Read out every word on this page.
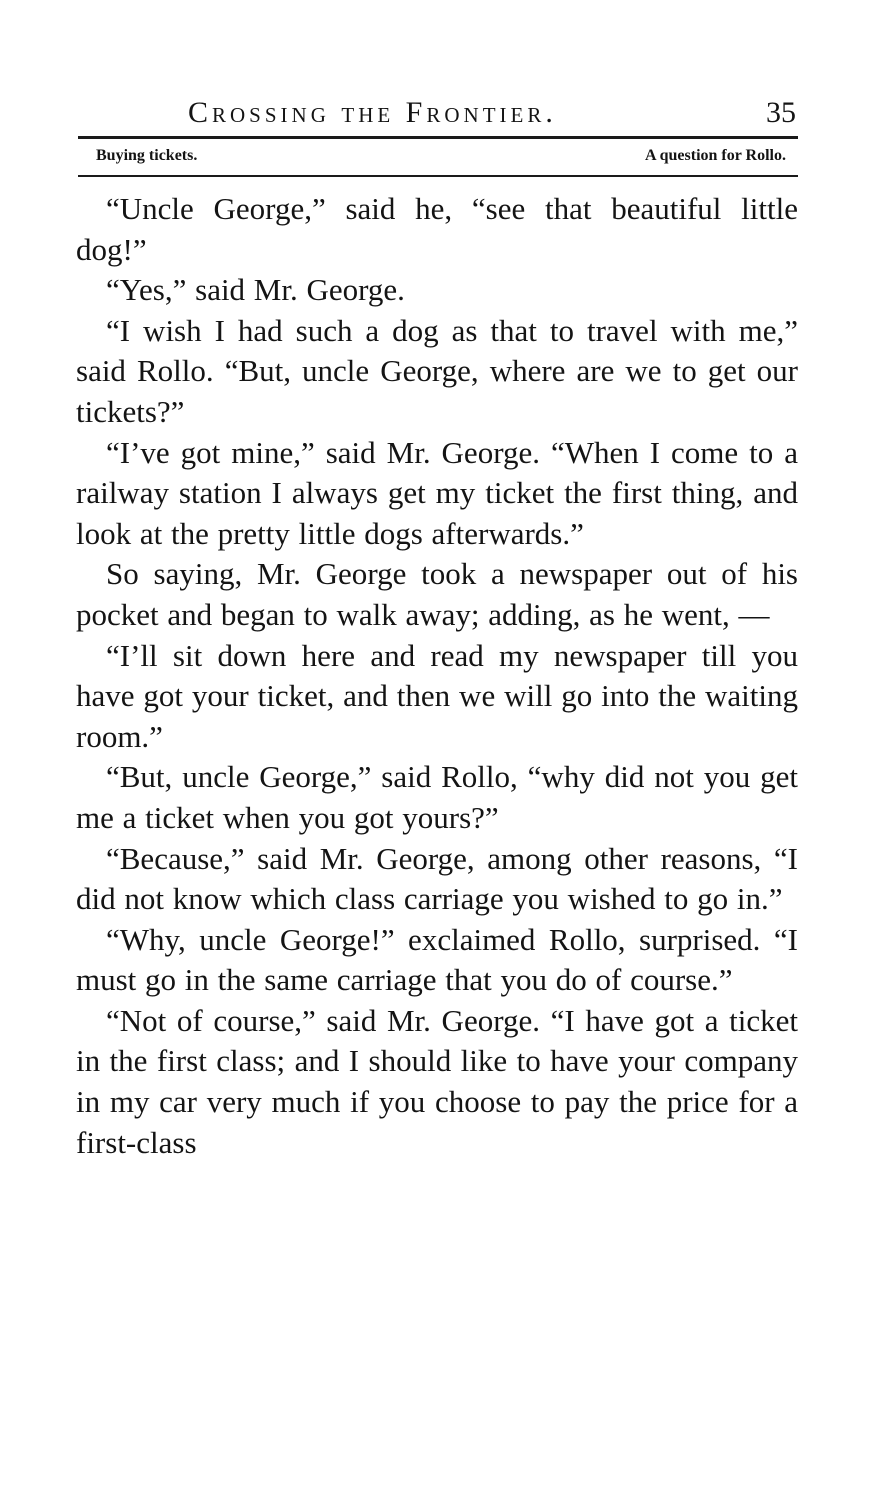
Crossing the Frontier.	35
Buying tickets.	A question for Rollo.

“Uncle George,” said he, “see that beautiful little dog!”

“Yes,” said Mr. George.

“I wish I had such a dog as that to travel with me,” said Rollo. “But, uncle George, where are we to get our tickets?”

“I’ve got mine,” said Mr. George. “When I come to a railway station I always get my ticket the first thing, and look at the pretty little dogs afterwards.”

So saying, Mr. George took a newspaper out of his pocket and began to walk away; adding, as he went, —

“I’ll sit down here and read my newspaper till you have got your ticket, and then we will go into the waiting room.”

“But, uncle George,” said Rollo, “why did not you get me a ticket when you got yours?”

“Because,” said Mr. George, among other reasons, “I did not know which class carriage you wished to go in.”

“Why, uncle George!” exclaimed Rollo, surprised. “I must go in the same carriage that you do of course.”

“Not of course,” said Mr. George. “I have got a ticket in the first class; and I should like to have your company in my car very much if you choose to pay the price for a first-class
